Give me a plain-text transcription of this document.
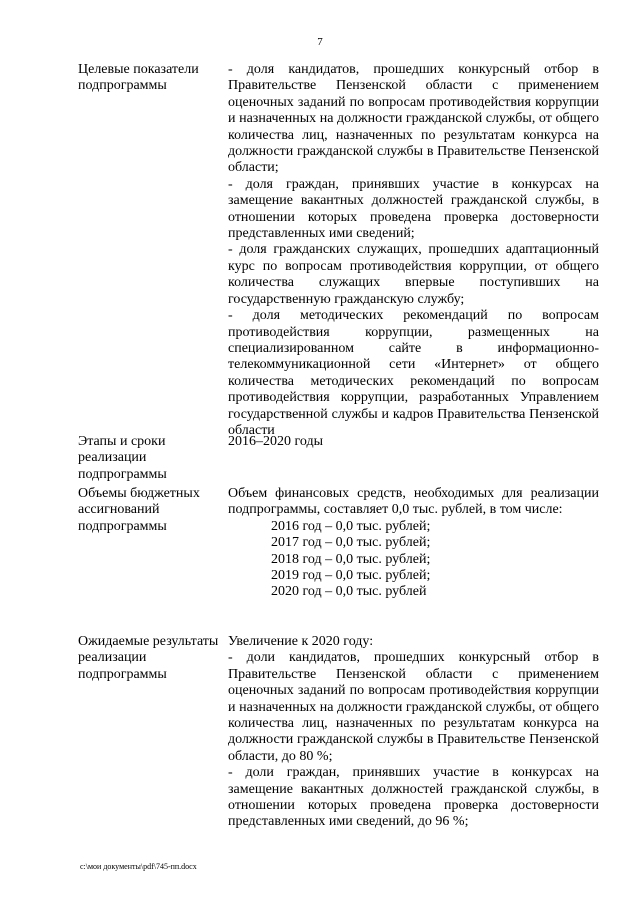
7
Целевые показатели подпрограммы

- доля кандидатов, прошедших конкурсный отбор в Правительстве Пензенской области с применением оценочных заданий по вопросам противодействия коррупции и назначенных на должности гражданской службы, от общего количества лиц, назначенных по результатам конкурса на должности гражданской службы в Правительстве Пензенской области;

- доля граждан, принявших участие в конкурсах на замещение вакантных должностей гражданской службы, в отношении которых проведена проверка достоверности представленных ими сведений;

- доля гражданских служащих, прошедших адаптационный курс по вопросам противодействия коррупции, от общего количества служащих впервые поступивших на государственную гражданскую службу;

- доля методических рекомендаций по вопросам противодействия коррупции, размещенных на специализированном сайте в информационно-телекоммуникационной сети «Интернет» от общего количества методических рекомендаций по вопросам противодействия коррупции, разработанных Управлением государственной службы и кадров Правительства Пензенской области

Этапы и сроки реализации подпрограммы

2016–2020 годы

Объемы бюджетных ассигнований подпрограммы

Объем финансовых средств, необходимых для реализации подпрограммы, составляет 0,0 тыс. рублей, в том числе:

2016 год – 0,0 тыс. рублей;

2017 год – 0,0 тыс. рублей;

2018 год – 0,0 тыс. рублей;

2019 год – 0,0 тыс. рублей;

2020 год – 0,0 тыс. рублей

Ожидаемые результаты реализации подпрограммы

Увеличение к 2020 году:

- доли кандидатов, прошедших конкурсный отбор в Правительстве Пензенской области с применением оценочных заданий по вопросам противодействия коррупции и назначенных на должности гражданской службы, от общего количества лиц, назначенных по результатам конкурса на должности гражданской службы в Правительстве Пензенской области, до 80 %;

- доли граждан, принявших участие в конкурсах на замещение вакантных должностей гражданской службы, в отношении которых проведена проверка достоверности представленных ими сведений, до 96 %;

c:\мои документы\pdf\745-пп.docx
